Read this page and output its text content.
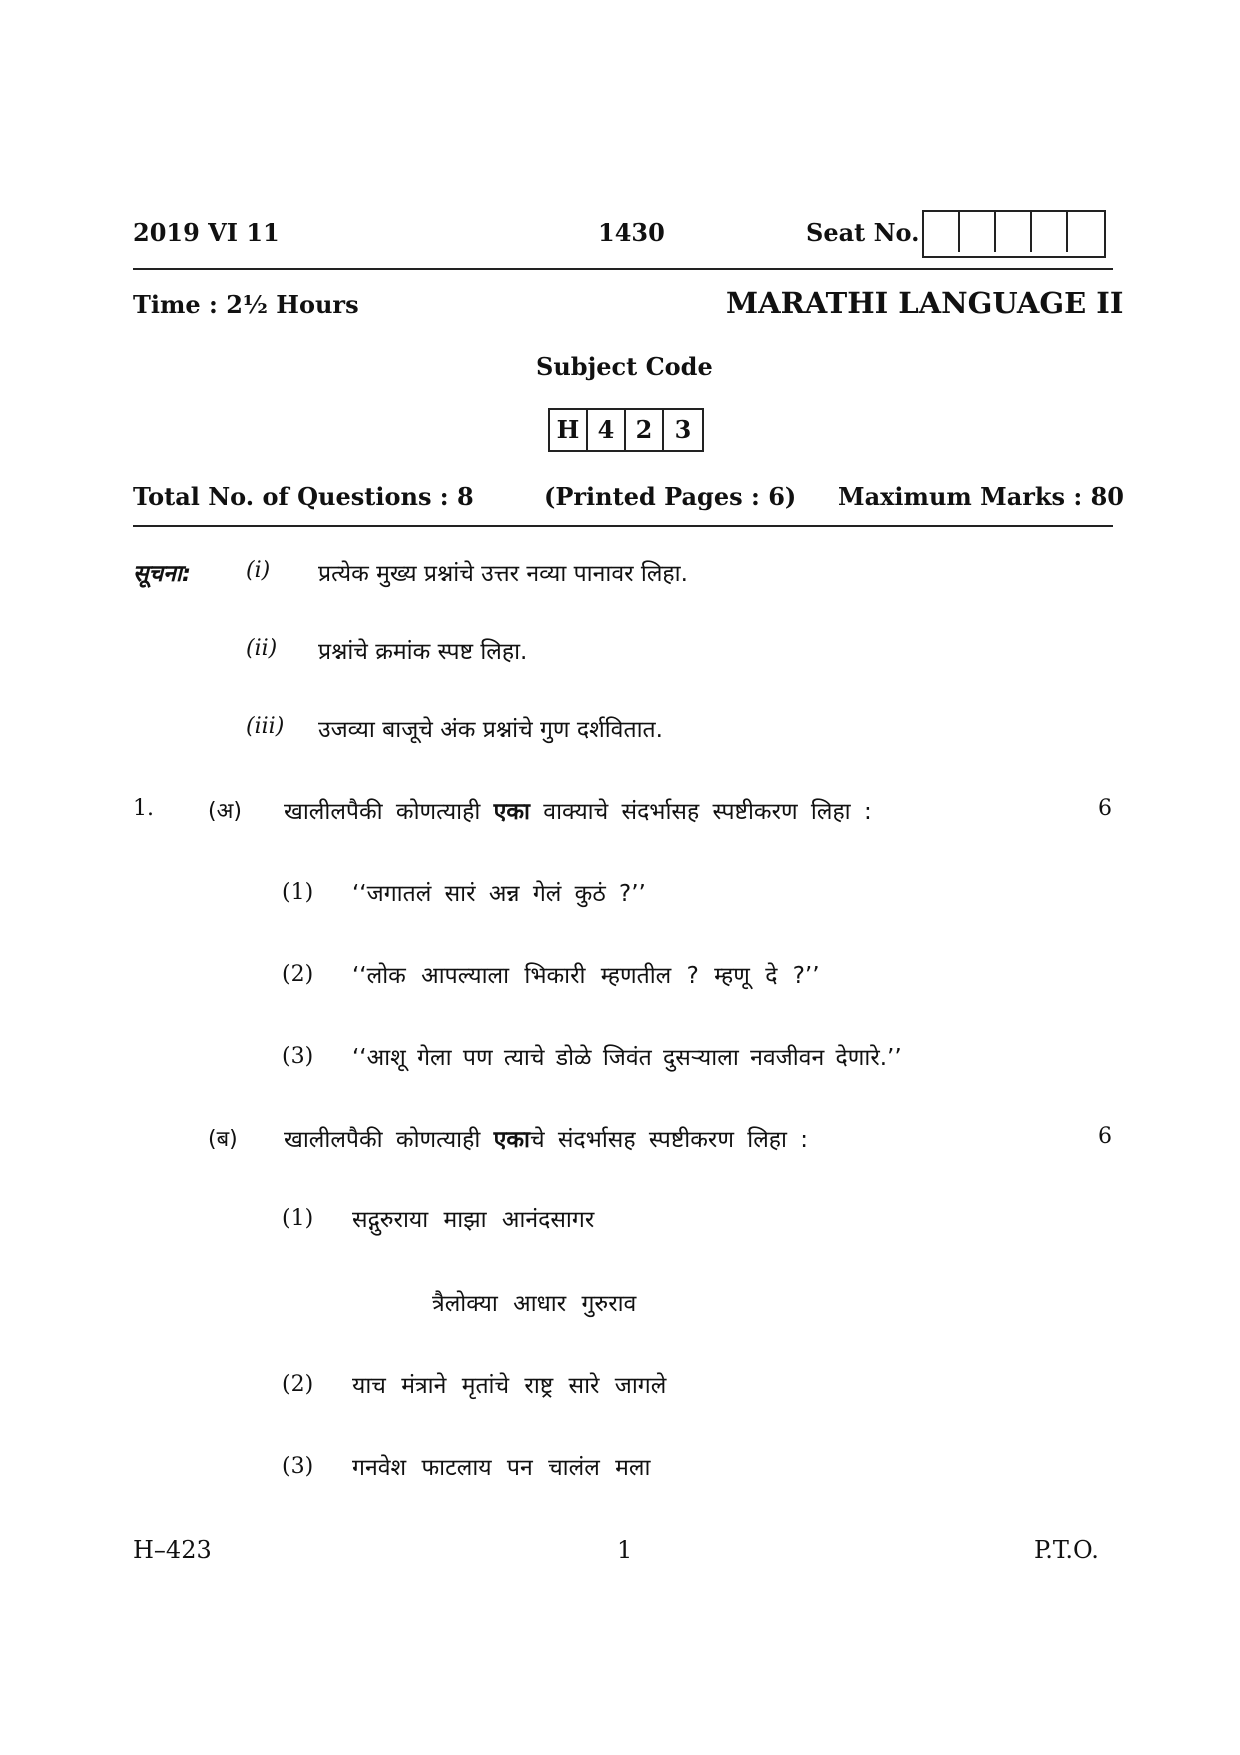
2019 VI 11	1430	Seat No.
Time : 2½ Hours	MARATHI LANGUAGE II
Subject Code
H 4 2 3
Total No. of Questions : 8	(Printed Pages : 6) Maximum Marks : 80
सूचना: (i) प्रत्येक मुख्य प्रश्नांचे उत्तर नव्या पानावर लिहा.
(ii) प्रश्नांचे क्रमांक स्पष्ट लिहा.
(iii) उजव्या बाजूचे अंक प्रश्नांचे गुण दर्शवितात.
1. (अ) खालीलपैकी कोणत्याही एका वाक्याचे संदर्भासह स्पष्टीकरण लिहा :	6
(1) ‘‘जगातलं सारं अन्न गेलं कुठं ?’’
(2) ‘‘लोक आपल्याला भिकारी म्हणतील ? म्हणू दे ?’’
(3) ‘‘आशू गेला पण त्याचे डोळे जिवंत दुसऱ्याला नवजीवन देणारे.’’
(ब) खालीलपैकी कोणत्याही एकाचे संदर्भासह स्पष्टीकरण लिहा :	6
(1) सद्गुरुराया माझा आनंदसागर
त्रैलोक्या आधार गुरुराव
(2) याच मंत्राने मृतांचे राष्ट्र सारे जागले
(3) गनवेश फाटलाय पन चालंल मला
H–423	1	P.T.O.
